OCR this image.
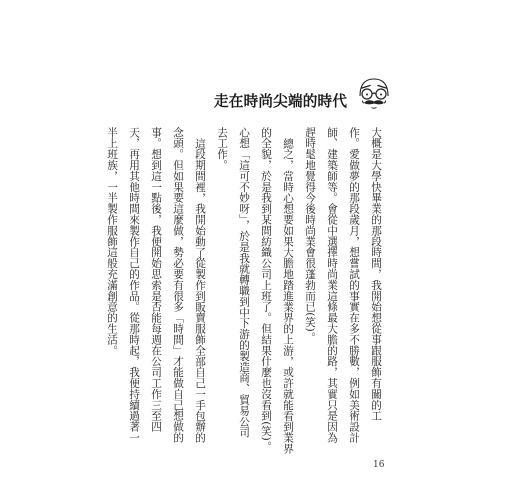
走在時尚尖端的時代

大概是大學快畢業的那段時間，我開始想從事跟服飾有關的工

作。愛做夢的那段歲月，想嘗試的事實在多不勝數，例如美術設計

師、建築師等。會從中選擇時尚業這條最大膽的路，其實只是因為

趕時髦地覺得今後時尚業會很蓬勃而已(笑)。

總之，當時心想要如果大膽地踏進業界的上游，或許就能看到業界

的全貌，於是我到某間紡織公司上班了。但結果什麼也沒看到(笑)。

心想「這可不妙呀」，於是我就轉職到中下游的製造商、貿易公司

去工作。

這段期間裡，我開始動了從製作到販賣服飾全部自己一手包辦的

念頭。但如果要這麼做，勢必要有很多「時間」才能做自己想做的

事。想到這一點後，我便開始思索是否能每週在公司工作三至四

天，再用其他時間來製作自己的作品。從那時起，我便持續過著一

半上班族，一半製作服飾這般充滿創意的生活。

16
